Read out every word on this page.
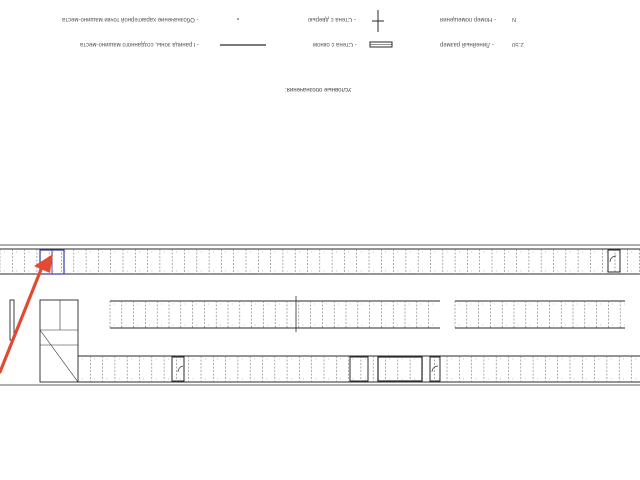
Условные обозначения:
- Номер помещения	N
- Стена с дверью
- Обозначение характерной точки машино-места
- Линейный размер	2.50
- Стена с окном
- Граница зоны, созданного машино-места
